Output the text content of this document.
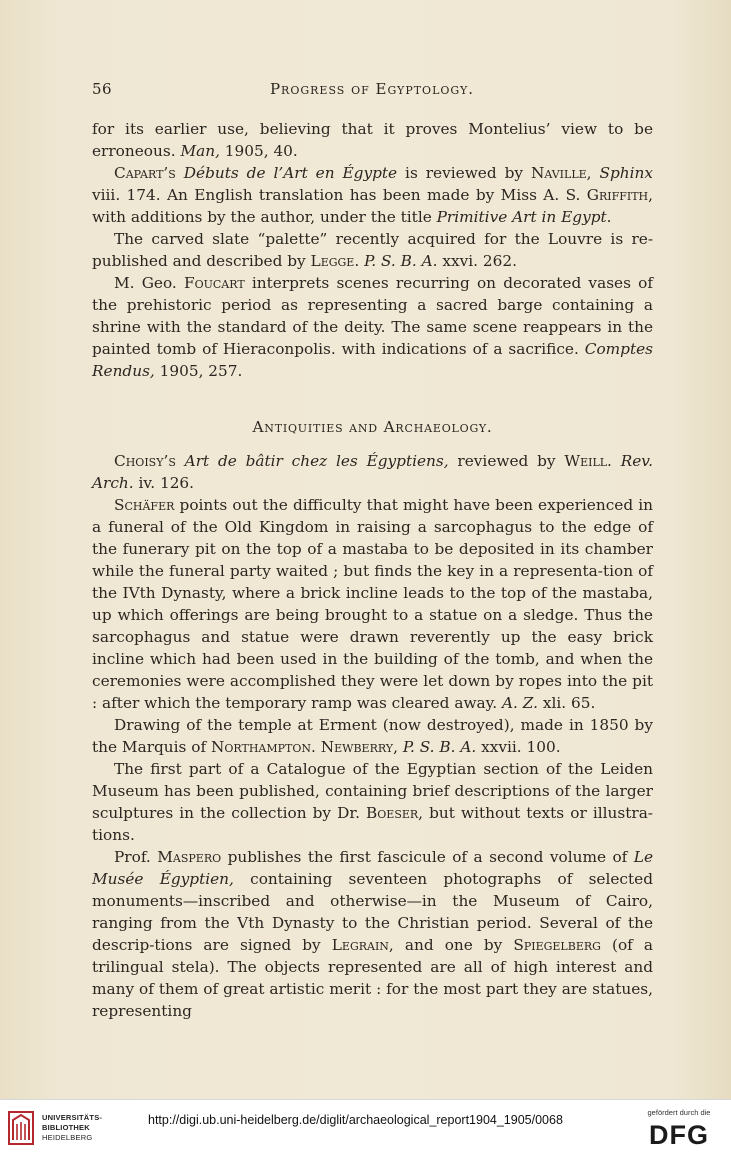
56	Progress of Egyptology.

for its earlier use, believing that it proves Montelius’ view to be erroneous. Man, 1905, 40.

Capart’s Débuts de l’Art en Égypte is reviewed by Naville, Sphinx viii. 174. An English translation has been made by Miss A. S. Griffith, with additions by the author, under the title Primitive Art in Egypt.

The carved slate “palette” recently acquired for the Louvre is re-published and described by Legge. P. S. B. A. xxvi. 262.

M. Geo. Foucart interprets scenes recurring on decorated vases of the prehistoric period as representing a sacred barge containing a shrine with the standard of the deity. The same scene reappears in the painted tomb of Hieraconpolis. with indications of a sacrifice. Comptes Rendus, 1905, 257.

Antiquities and Archaeology.

Choisy’s Art de bâtir chez les Égyptiens, reviewed by Weill. Rev. Arch. iv. 126.

Schäfer points out the difficulty that might have been experienced in a funeral of the Old Kingdom in raising a sarcophagus to the edge of the funerary pit on the top of a mastaba to be deposited in its chamber while the funeral party waited ; but finds the key in a representa-tion of the IVth Dynasty, where a brick incline leads to the top of the mastaba, up which offerings are being brought to a statue on a sledge. Thus the sarcophagus and statue were drawn reverently up the easy brick incline which had been used in the building of the tomb, and when the ceremonies were accomplished they were let down by ropes into the pit : after which the temporary ramp was cleared away. A. Z. xli. 65.

Drawing of the temple at Erment (now destroyed), made in 1850 by the Marquis of Northampton. Newberry, P. S. B. A. xxvii. 100.

The first part of a Catalogue of the Egyptian section of the Leiden Museum has been published, containing brief descriptions of the larger sculptures in the collection by Dr. Boeser, but without texts or illustra-tions.

Prof. Maspero publishes the first fascicule of a second volume of Le Musée Égyptien, containing seventeen photographs of selected monuments—inscribed and otherwise—in the Museum of Cairo, ranging from the Vth Dynasty to the Christian period. Several of the descrip-tions are signed by Legrain, and one by Spiegelberg (of a trilingual stela). The objects represented are all of high interest and many of them of great artistic merit : for the most part they are statues, representing

UNIVERSITÄTS-
BIBLIOTHEK
HEIDELBERG
http://digi.ub.uni-heidelberg.de/diglit/archaeological_report1904_1905/0068
gefördert durch die
DFG
